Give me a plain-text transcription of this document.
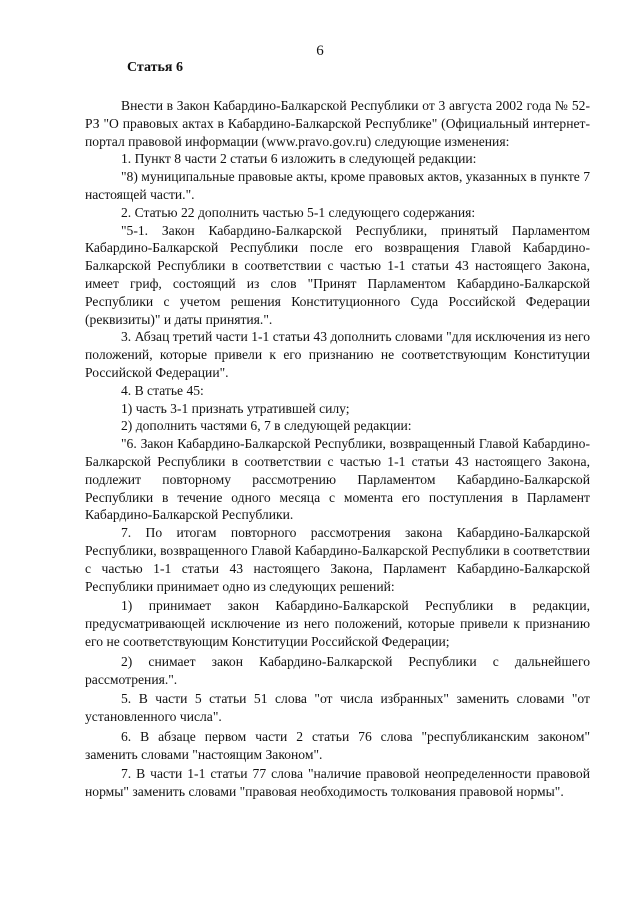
6

Статья 6

Внести в Закон Кабардино-Балкарской Республики от 3 августа 2002 года № 52-РЗ "О правовых актах в Кабардино-Балкарской Республике" (Официальный интернет-портал правовой информации (www.pravo.gov.ru) следующие изменения:

1. Пункт 8 части 2 статьи 6 изложить в следующей редакции:

"8) муниципальные правовые акты, кроме правовых актов, указанных в пункте 7 настоящей части.".

2. Статью 22 дополнить частью 5-1 следующего содержания:

"5-1. Закон Кабардино-Балкарской Республики, принятый Парламентом Кабардино-Балкарской Республики после его возвращения Главой Кабардино-Балкарской Республики в соответствии с частью 1-1 статьи 43 настоящего Закона, имеет гриф, состоящий из слов "Принят Парламентом Кабардино-Балкарской Республики с учетом решения Конституционного Суда Российской Федерации (реквизиты)" и даты принятия.".

3. Абзац третий части 1-1 статьи 43 дополнить словами "для исключения из него положений, которые привели к его признанию не соответствующим Конституции Российской Федерации".

4. В статье 45:

1) часть 3-1 признать утратившей силу;

2) дополнить частями 6, 7 в следующей редакции:

"6. Закон Кабардино-Балкарской Республики, возвращенный Главой Кабардино-Балкарской Республики в соответствии с частью 1-1 статьи 43 настоящего Закона, подлежит повторному рассмотрению Парламентом Кабардино-Балкарской Республики в течение одного месяца с момента его поступления в Парламент Кабардино-Балкарской Республики.

7. По итогам повторного рассмотрения закона Кабардино-Балкарской Республики, возвращенного Главой Кабардино-Балкарской Республики в соответствии с частью 1-1 статьи 43 настоящего Закона, Парламент Кабардино-Балкарской Республики принимает одно из следующих решений:

1) принимает закон Кабардино-Балкарской Республики в редакции, предусматривающей исключение из него положений, которые привели к признанию его не соответствующим Конституции Российской Федерации;

2) снимает закон Кабардино-Балкарской Республики с дальнейшего рассмотрения.".

5. В части 5 статьи 51 слова "от числа избранных" заменить словами "от установленного числа".

6. В абзаце первом части 2 статьи 76 слова "республиканским законом" заменить словами "настоящим Законом".

7. В части 1-1 статьи 77 слова "наличие правовой неопределенности правовой нормы" заменить словами "правовая необходимость толкования правовой нормы".
